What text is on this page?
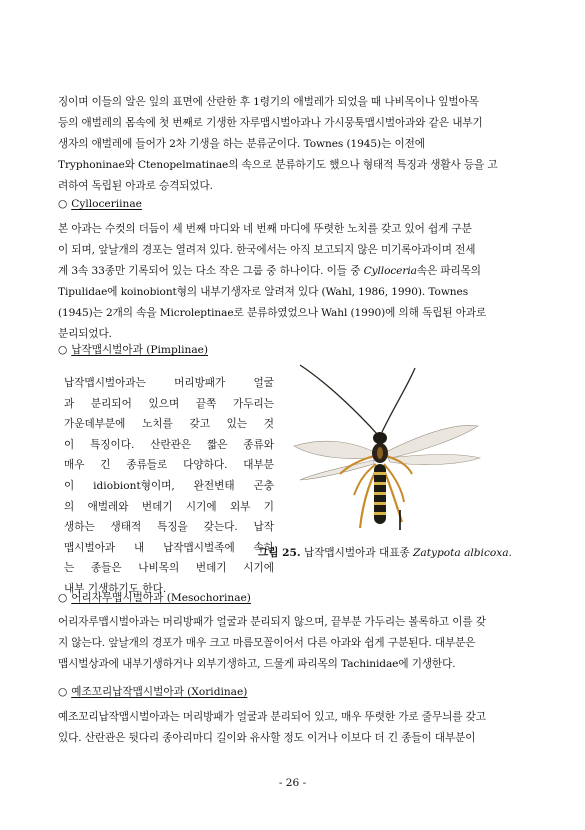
징이며 이들의 알은 잎의 표면에 산란한 후 1령기의 애벌레가 되었을 때 나비목이나 잎벌아목
등의 애벌레의 몸속에 첫 번째로 기생한 자루맵시벌아과나 가시뭉툭맵시벌아과와 같은 내부기
생자의 애벌레에 들어가 2차 기생을 하는 분류군이다. Townes (1945)는 이전에
Tryphoninae와 Ctenopelmatinae의 속으로 분류하기도 했으나 형태적 특징과 생활사 등을 고
려하여 독립된 아과로 승격되었다.

○ Cylloceriinae

본 아과는 수컷의 더듬이 세 번째 마디와 네 번째 마디에 뚜렷한 노치를 갖고 있어 쉽게 구분
이 되며, 앞날개의 경포는 열려져 있다. 한국에서는 아직 보고되지 않은 미기록아과이며 전세
계 3속 33종만 기록되어 있는 다소 작은 그룹 중 하나이다. 이들 중 Cylloceria속은 파리목의
Tipulidae에 koinobiont형의 내부기생자로 알려져 있다 (Wahl, 1986, 1990). Townes
(1945)는 2개의 속을 Microleptinae로 분류하였었으나 Wahl (1990)에 의해 독립된 아과로
분리되었다.

○ 납작맵시벌아과 (Pimplinae)
납작맵시벌아과는 머리방패가 얼굴
과 분리되어 있으며 끝쪽 가두리는
가운데부분에 노치를 갖고 있는 것
이 특징이다. 산란관은 짧은 종류와
매우 긴 종류들로 다양하다. 대부분
이 idiobiont형이며, 완전변태 곤충
의 애벌레와 번데기 시기에 외부 기
생하는 생태적 특징을 갖는다. 납작
맵시벌아과 내 납작맵시벌족에 속하
는 종들은 나비목의 번데기 시기에
내부 기생하기도 한다.
그림 25. 납작맵시벌아과 대표종 Zatypota albicoxa.
○ 어리자루맵시벌아과 (Mesochorinae)

어리자루맵시벌아과는 머리방패가 얼굴과 분리되지 않으며, 끝부분 가두리는 볼록하고 이를 갖
지 않는다. 앞날개의 경포가 매우 크고 마름모꼴이어서 다른 아과와 쉽게 구분된다. 대부분은
맵시벌상과에 내부기생하거나 외부기생하고, 드물게 파리목의 Tachinidae에 기생한다.

○ 예조꼬리납작맵시벌아과 (Xoridinae)

예조꼬리납작맵시벌아과는 머리방패가 얼굴과 분리되어 있고, 매우 뚜렷한 가로 줄무늬를 갖고
있다. 산란관은 뒷다리 종아리마디 길이와 유사할 정도 이거나 이보다 더 긴 종들이 대부분이

- 26 -
